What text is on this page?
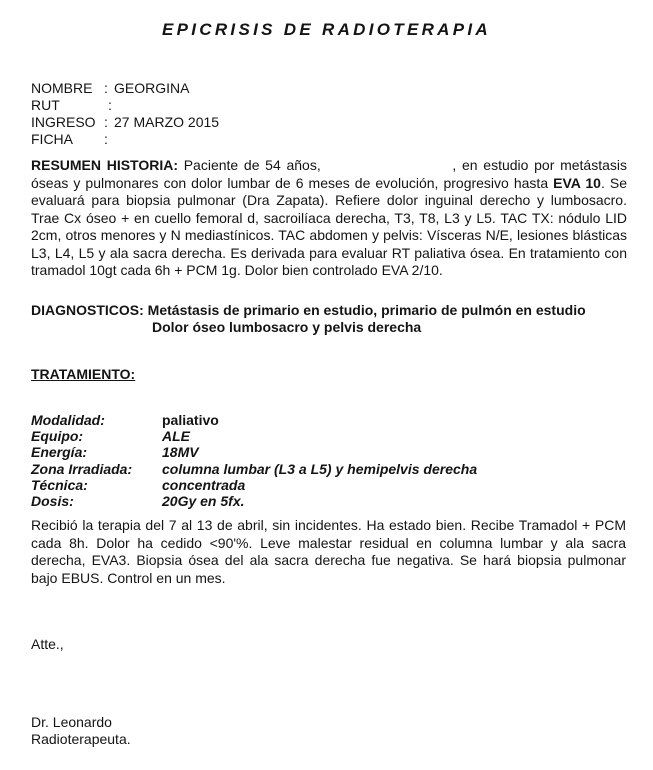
EPICRISIS DE RADIOTERAPIA
NOMBRE : GEORGINA
RUT	:
INGRESO : 27 MARZO 2015
FICHA	:
RESUMEN HISTORIA: Paciente de 54 años,	, en estudio por metástasis óseas y pulmonares con dolor lumbar de 6 meses de evolución, progresivo hasta EVA 10. Se evaluará para biopsia pulmonar (Dra Zapata). Refiere dolor inguinal derecho y lumbosacro. Trae Cx óseo + en cuello femoral d, sacroilíaca derecha, T3, T8, L3 y L5. TAC TX: nódulo LID 2cm, otros menores y N mediastínicos. TAC abdomen y pelvis: Vísceras N/E, lesiones blásticas L3, L4, L5 y ala sacra derecha. Es derivada para evaluar RT paliativa ósea. En tratamiento con tramadol 10gt cada 6h + PCM 1g. Dolor bien controlado EVA 2/10.
DIAGNOSTICOS: Metástasis de primario en estudio, primario de pulmón en estudio
Dolor óseo lumbosacro y pelvis derecha
TRATAMIENTO:
Modalidad:	paliativo
Equipo:	ALE
Energía:	18MV
Zona Irradiada:	columna lumbar (L3 a L5) y hemipelvis derecha
Técnica:	concentrada
Dosis:	20Gy en 5fx.
Recibió la terapia del 7 al 13 de abril, sin incidentes. Ha estado bien. Recibe Tramadol + PCM cada 8h. Dolor ha cedido <90'%. Leve malestar residual en columna lumbar y ala sacra derecha, EVA3. Biopsia ósea del ala sacra derecha fue negativa. Se hará biopsia pulmonar bajo EBUS. Control en un mes.
Atte.,
Dr. Leonardo
Radioterapeuta.
